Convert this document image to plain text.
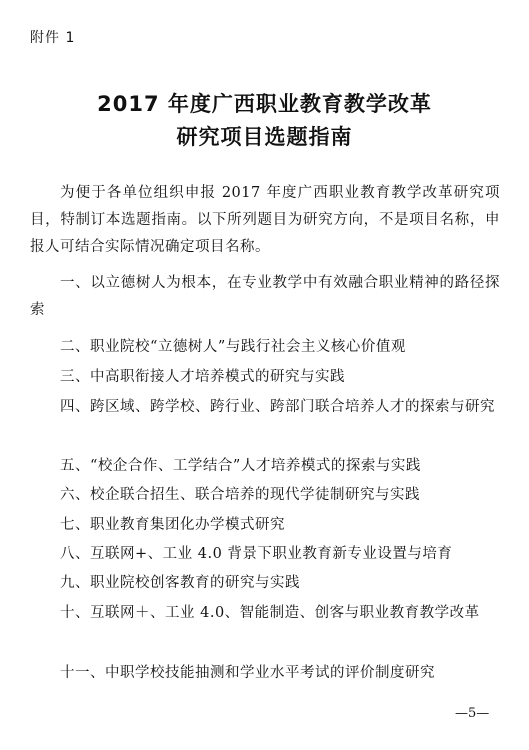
附件 1
2017 年度广西职业教育教学改革
研究项目选题指南
为便于各单位组织申报 2017 年度广西职业教育教学改革研究项目，特制订本选题指南。以下所列题目为研究方向，不是项目名称，申报人可结合实际情况确定项目名称。
一、以立德树人为根本，在专业教学中有效融合职业精神的路径探索
二、职业院校“立德树人”与践行社会主义核心价值观
三、中高职衔接人才培养模式的研究与实践
四、跨区域、跨学校、跨行业、跨部门联合培养人才的探索与研究
五、“校企合作、工学结合”人才培养模式的探索与实践
六、校企联合招生、联合培养的现代学徒制研究与实践
七、职业教育集团化办学模式研究
八、互联网+、工业 4.0 背景下职业教育新专业设置与培育
九、职业院校创客教育的研究与实践
十、互联网＋、工业 4.0、智能制造、创客与职业教育教学改革
十一、中职学校技能抽测和学业水平考试的评价制度研究
—5—
